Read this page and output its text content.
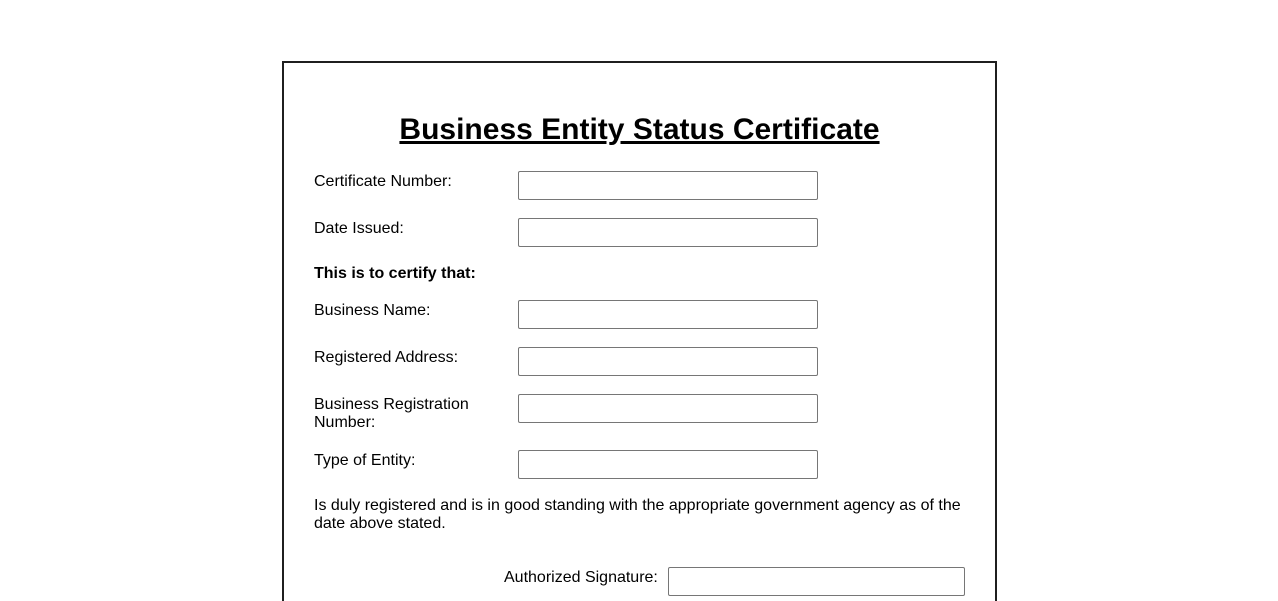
Business Entity Status Certificate
Certificate Number:
Date Issued:
This is to certify that:
Business Name:
Registered Address:
Business Registration Number:
Type of Entity:

Is duly registered and is in good standing with the appropriate government agency as of the date above stated.

Authorized Signature:
